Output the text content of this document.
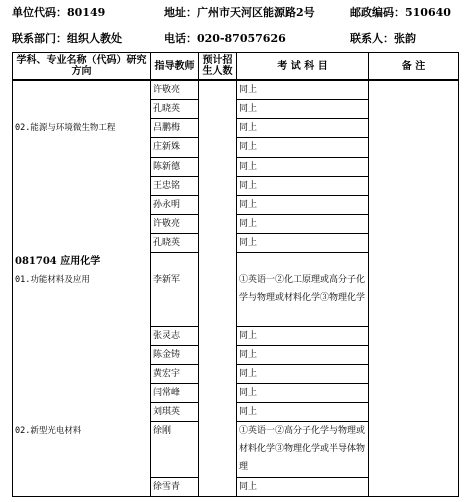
单位代码：80149	地址：广州市天河区能源路2号	邮政编码：510640
联系部门：组织人教处	电话：020-87057626	联系人：张韵
学科、专业名称（代码）研究方向	指导教师	预计招生人数	考 试 科 目	备 注
	许敬亮		同上	
	孔晓英		同上	
02.能源与环境微生物工程	吕鹏梅		同上	
	庄新姝		同上	
	陈新德		同上	
	王忠铭		同上	
	孙永明		同上	
	许敬亮		同上	
	孔晓英		同上	
081704 应用化学				
01.功能材料及应用	李新军		①英语一②化工原理或高分子化学与物理或材料化学③物理化学	
	张灵志		同上	
	陈金铸		同上	
	黄宏宇		同上	
	闫常峰		同上	
	刘琪英		同上	
02.新型光电材料	徐刚		①英语一②高分子化学与物理或材料化学③物理化学或半导体物理	
	徐雪青		同上	
